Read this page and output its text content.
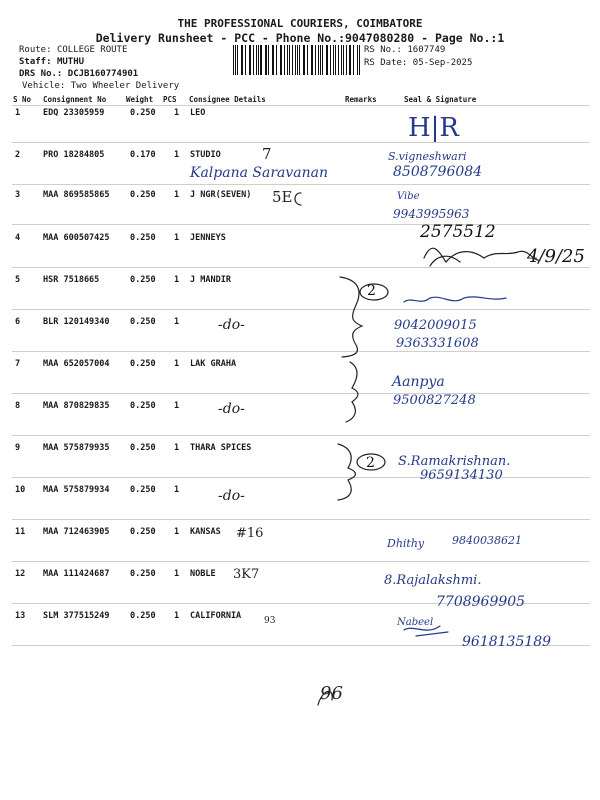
THE PROFESSIONAL COURIERS, COIMBATORE
Delivery Runsheet - PCC - Phone No.:9047080280 - Page No.:1
Route: COLLEGE ROUTE
Staff: MUTHU
DRS No.: DCJB160774901
Vehicle: Two Wheeler Delivery
RS No.: 1607749
RS Date: 05-Sep-2025
S No Consignment No	Weight PCS Consignee Details	Remarks	Seal & Signature
1	EDQ 23305959	0.250 1 LEO
2	PRO 18284805	0.170 1 STUDIO
3	MAA 869585865 0.250 1 J NGR(SEVEN)
4	MAA 600507425 0.250 1 JENNEYS
5	HSR 7518665	0.250 1 J MANDIR
6	BLR 120149340 0.250 1
7	MAA 652057004 0.250 1 LAK GRAHA
8	MAA 870829835 0.250 1
9	MAA 575879935 0.250 1 THARA SPICES
10 MAA 575879934 0.250 1
11 MAA 712463905 0.250 1 KANSAS
12 MAA 111424687 0.250 1 NOBLE
13 SLM 377515249 0.250 1 CALIFORNIA
H|R
7
Kalpana Saravanan
S.vigneshwari
8508796084
5E	Vibe
9943995963
2575512
4/9/25
2
9042009015
9363331608
-do-
Aanpya
9500827248
-do-
2 S.Ramakrishnan.
9659134130
-do-
#16
Dhithy	9840038621
3K7	8.Rajalakshmi.
7708969905
93	Nabeel
9618135189
96
